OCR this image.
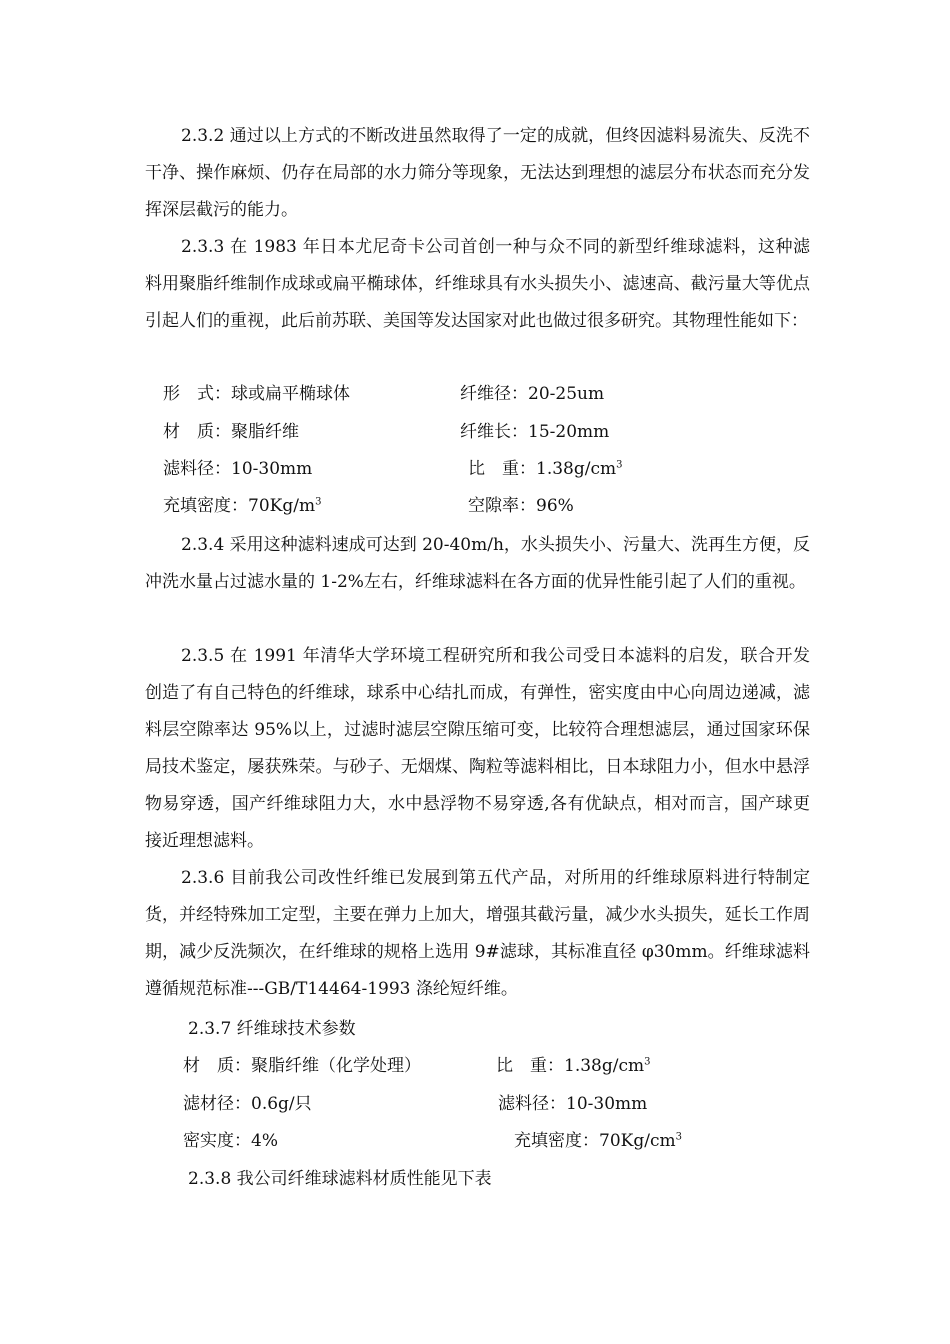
2.3.2 通过以上方式的不断改进虽然取得了一定的成就，但终因滤料易流失、反洗不干净、操作麻烦、仍存在局部的水力筛分等现象，无法达到理想的滤层分布状态而充分发挥深层截污的能力。

2.3.3 在 1983 年日本尤尼奇卡公司首创一种与众不同的新型纤维球滤料，这种滤料用聚脂纤维制作成球或扁平椭球体，纤维球具有水头损失小、滤速高、截污量大等优点引起人们的重视，此后前苏联、美国等发达国家对此也做过很多研究。其物理性能如下：

形　式：球或扁平椭球体	纤维径：20-25um
材　质：聚脂纤维	纤维长：15-20mm
滤料径：10-30mm	比　重：$1.38g/cm^3$
充填密度：$70Kg/m^3$	空隙率：96%

2.3.4 采用这种滤料速成可达到 20-40m/h，水头损失小、污量大、洗再生方便，反冲洗水量占过滤水量的 1-2%左右，纤维球滤料在各方面的优异性能引起了人们的重视。

2.3.5 在 1991 年清华大学环境工程研究所和我公司受日本滤料的启发，联合开发创造了有自己特色的纤维球，球系中心结扎而成，有弹性，密实度由中心向周边递减，滤料层空隙率达 95%以上，过滤时滤层空隙压缩可变，比较符合理想滤层，通过国家环保局技术鉴定，屡获殊荣。与砂子、无烟煤、陶粒等滤料相比，日本球阻力小，但水中悬浮物易穿透，国产纤维球阻力大，水中悬浮物不易穿透,各有优缺点，相对而言，国产球更接近理想滤料。

2.3.6 目前我公司改性纤维已发展到第五代产品，对所用的纤维球原料进行特制定货，并经特殊加工定型，主要在弹力上加大，增强其截污量，减少水头损失，延长工作周期，减少反洗频次，在纤维球的规格上选用 9#滤球，其标准直径 φ30mm。纤维球滤料遵循规范标准---GB/T14464-1993 涤纶短纤维。

2.3.7 纤维球技术参数
材　质：聚脂纤维（化学处理）	比　重：$1.38g/cm^3$
滤材径：0.6g/只	滤料径：10-30mm
密实度：4%	充填密度：$70Kg/cm^3$
2.3.8 我公司纤维球滤料材质性能见下表
